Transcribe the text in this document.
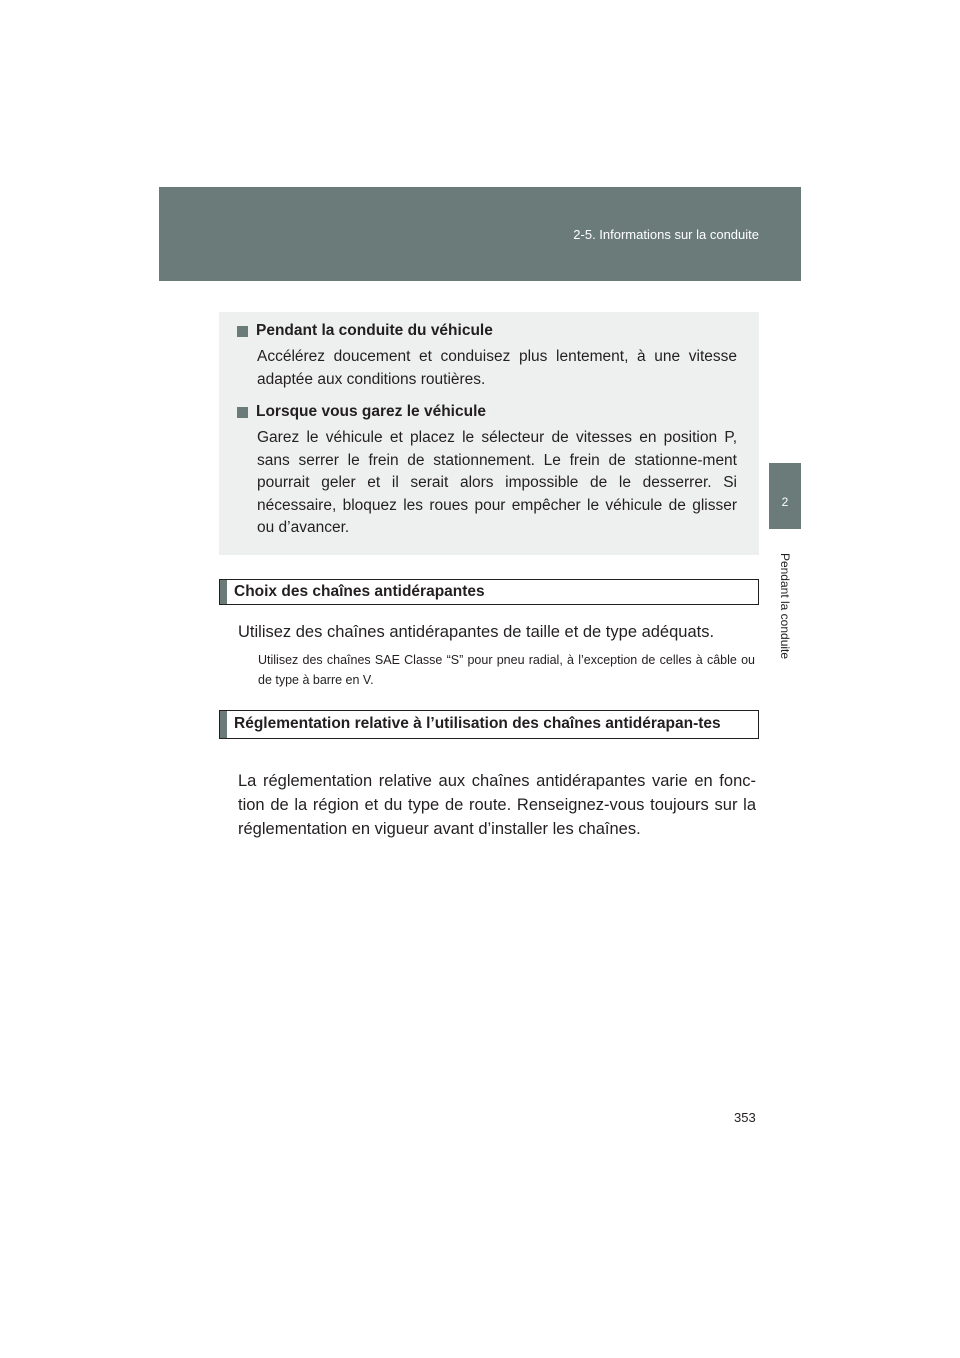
2-5. Informations sur la conduite
2
Pendant la conduite
Pendant la conduite du véhicule

Accélérez doucement et conduisez plus lentement, à une vitesse adaptée aux conditions routières.

Lorsque vous garez le véhicule

Garez le véhicule et placez le sélecteur de vitesses en position P, sans serrer le frein de stationnement. Le frein de stationne-ment pourrait geler et il serait alors impossible de le desserrer. Si nécessaire, bloquez les roues pour empêcher le véhicule de glisser ou d’avancer.

Choix des chaînes antidérapantes

Utilisez des chaînes antidérapantes de taille et de type adéquats.

Utilisez des chaînes SAE Classe “S” pour pneu radial, à l’exception de celles à câble ou de type à barre en V.

Réglementation relative à l’utilisation des chaînes antidérapan-tes

La réglementation relative aux chaînes antidérapantes varie en fonc-tion de la région et du type de route. Renseignez-vous toujours sur la réglementation en vigueur avant d’installer les chaînes.

353
